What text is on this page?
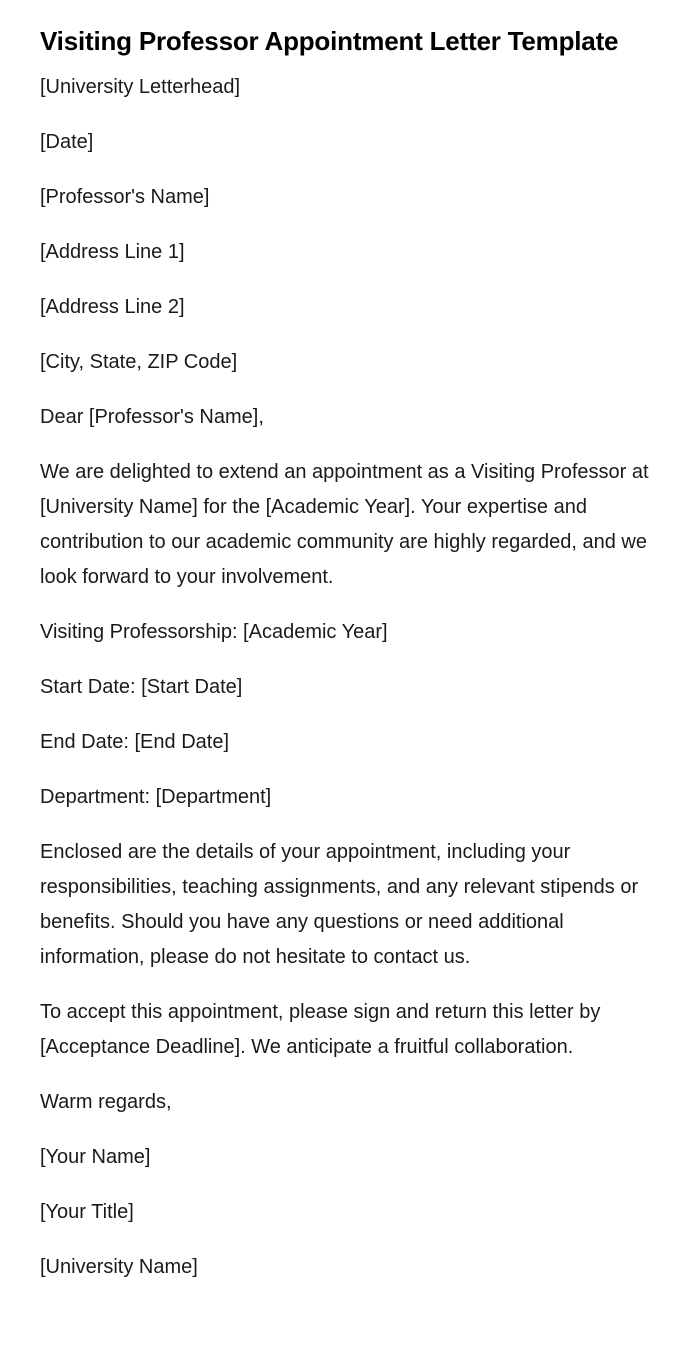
Visiting Professor Appointment Letter Template

[University Letterhead]

[Date]

[Professor's Name]

[Address Line 1]

[Address Line 2]

[City, State, ZIP Code]

Dear [Professor's Name],

We are delighted to extend an appointment as a Visiting Professor at [University Name] for the [Academic Year]. Your expertise and contribution to our academic community are highly regarded, and we look forward to your involvement.

Visiting Professorship: [Academic Year]

Start Date: [Start Date]

End Date: [End Date]

Department: [Department]

Enclosed are the details of your appointment, including your responsibilities, teaching assignments, and any relevant stipends or benefits. Should you have any questions or need additional information, please do not hesitate to contact us.

To accept this appointment, please sign and return this letter by [Acceptance Deadline]. We anticipate a fruitful collaboration.

Warm regards,

[Your Name]

[Your Title]

[University Name]
